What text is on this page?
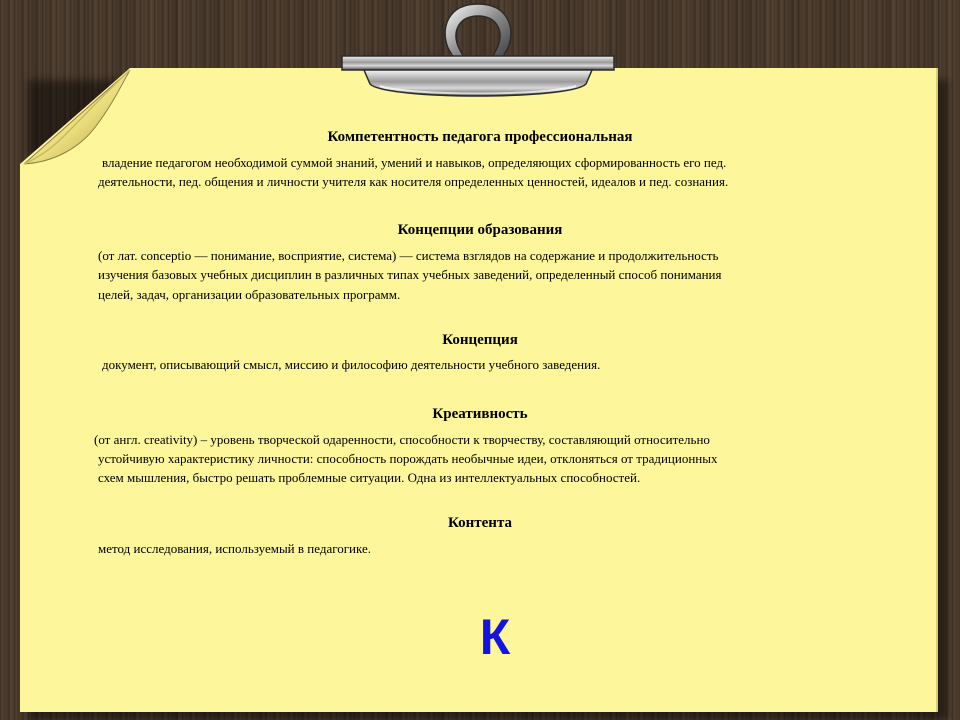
Компетентность педагога профессиональная

владение педагогом необходимой суммой знаний, умений и навыков, определяющих сформированность его пед.

деятельности, пед. общения и личности учителя как носителя определенных ценностей, идеалов и пед. сознания.

Концепции образования

(от лат. conceptio — понимание, восприятие, система) — система взглядов на содержание и продолжительность

изучения базовых учебных дисциплин в различных типах учебных заведений, определенный способ понимания

целей, задач, организации образовательных программ.

Концепция

документ, описывающий смысл, миссию и философию деятельности учебного заведения.

Креативность

(от англ. creativity) – уровень творческой одаренности, способности к творчеству, составляющий относительно

устойчивую характеристику личности: способность порождать необычные идеи, отклоняться от традиционных

схем мышления, быстро решать проблемные ситуации. Одна из интеллектуальных способностей.

Контента

метод исследования, используемый в педагогике.

К
